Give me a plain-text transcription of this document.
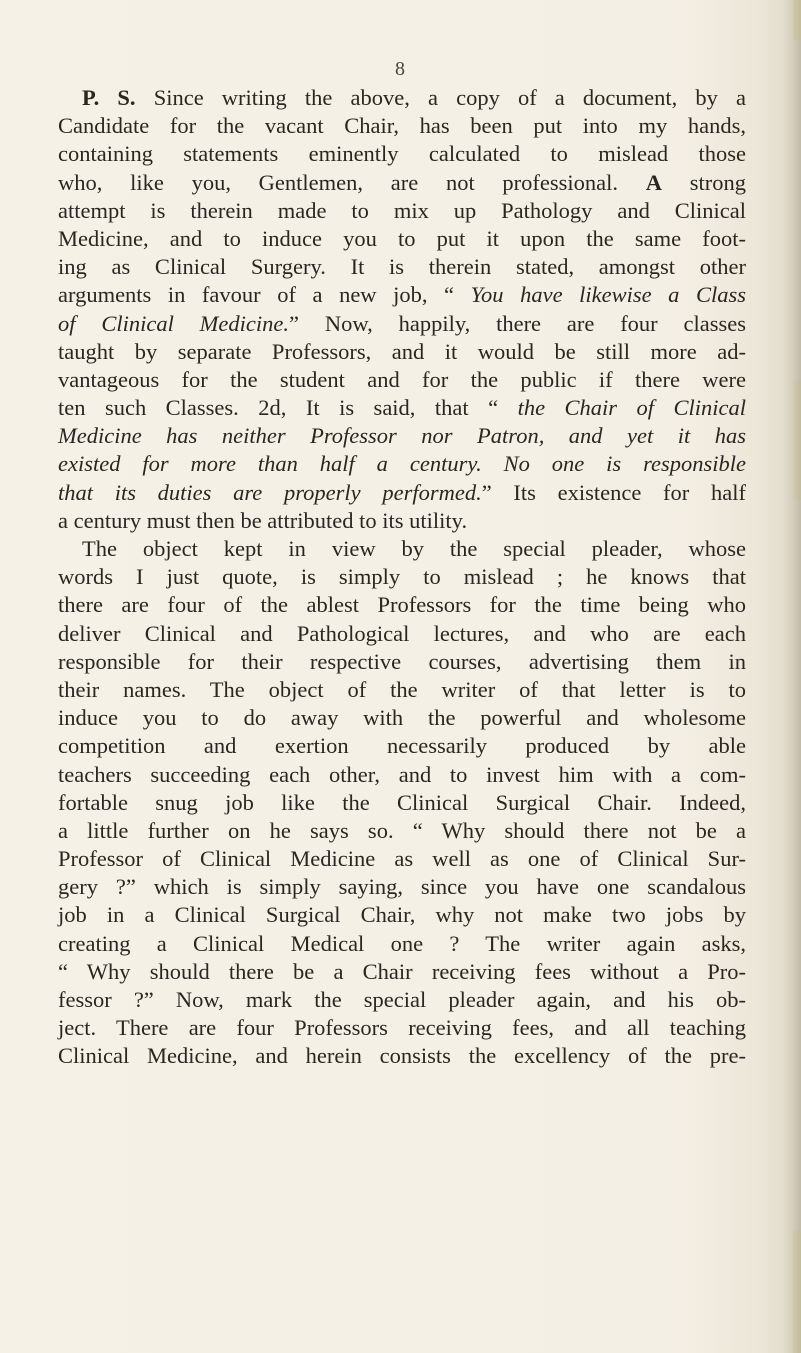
8
P. S. Since writing the above, a copy of a document, by a
Candidate for the vacant Chair, has been put into my hands,
containing statements eminently calculated to mislead those
who, like you, Gentlemen, are not professional. A strong
attempt is therein made to mix up Pathology and Clinical
Medicine, and to induce you to put it upon the same foot-
ing as Clinical Surgery. It is therein stated, amongst other
arguments in favour of a new job, “ You have likewise a Class
of Clinical Medicine.” Now, happily, there are four classes
taught by separate Professors, and it would be still more ad-
vantageous for the student and for the public if there were
ten such Classes. 2d, It is said, that “ the Chair of Clinical
Medicine has neither Professor nor Patron, and yet it has
existed for more than half a century. No one is responsible
that its duties are properly performed.” Its existence for half
a century must then be attributed to its utility.
The object kept in view by the special pleader, whose
words I just quote, is simply to mislead ; he knows that
there are four of the ablest Professors for the time being who
deliver Clinical and Pathological lectures, and who are each
responsible for their respective courses, advertising them in
their names. The object of the writer of that letter is to
induce you to do away with the powerful and wholesome
competition and exertion necessarily produced by able
teachers succeeding each other, and to invest him with a com-
fortable snug job like the Clinical Surgical Chair. Indeed,
a little further on he says so. “ Why should there not be a
Professor of Clinical Medicine as well as one of Clinical Sur-
gery ?” which is simply saying, since you have one scandalous
job in a Clinical Surgical Chair, why not make two jobs by
creating a Clinical Medical one ? The writer again asks,
“ Why should there be a Chair receiving fees without a Pro-
fessor ?” Now, mark the special pleader again, and his ob-
ject. There are four Professors receiving fees, and all teaching
Clinical Medicine, and herein consists the excellency of the pre-
